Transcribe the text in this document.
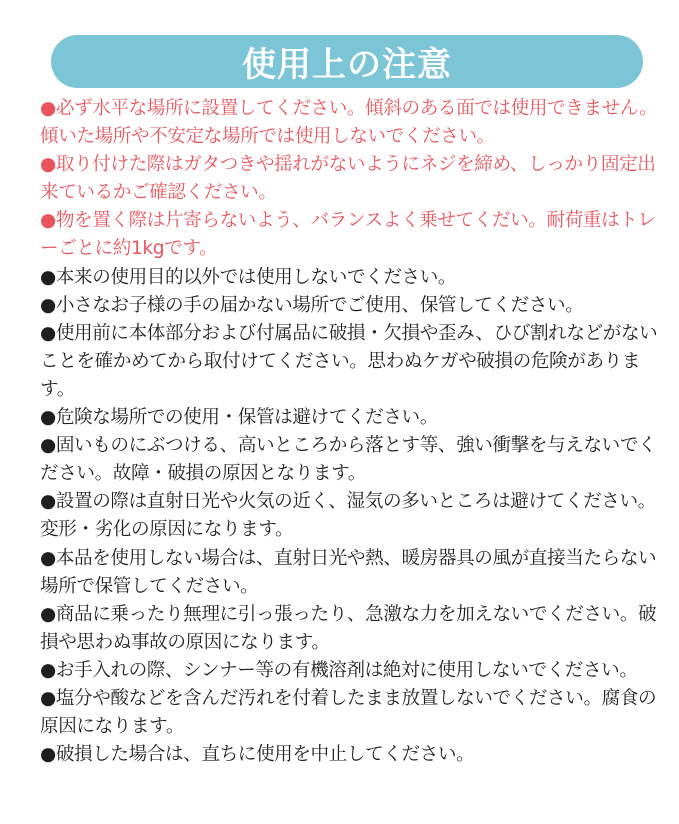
使用上の注意

●必ず水平な場所に設置してください。傾斜のある面では使用できません。傾いた場所や不安定な場所では使用しないでください。

●取り付けた際はガタつきや揺れがないようにネジを締め、しっかり固定出来ているかご確認ください。

●物を置く際は片寄らないよう、バランスよく乗せてくだい。耐荷重はトレーごとに約1kgです。

●本来の使用目的以外では使用しないでください。

●小さなお子様の手の届かない場所でご使用、保管してください。

●使用前に本体部分および付属品に破損・欠損や歪み、ひび割れなどがないことを確かめてから取付けてください。思わぬケガや破損の危険があります。

●危険な場所での使用・保管は避けてください。

●固いものにぶつける、高いところから落とす等、強い衝撃を与えないでください。故障・破損の原因となります。

●設置の際は直射日光や火気の近く、湿気の多いところは避けてください。変形・劣化の原因になります。

●本品を使用しない場合は、直射日光や熱、暖房器具の風が直接当たらない場所で保管してください。

●商品に乗ったり無理に引っ張ったり、急激な力を加えないでください。破損や思わぬ事故の原因になります。

●お手入れの際、シンナー等の有機溶剤は絶対に使用しないでください。

●塩分や酸などを含んだ汚れを付着したまま放置しないでください。腐食の原因になります。

●破損した場合は、直ちに使用を中止してください。
